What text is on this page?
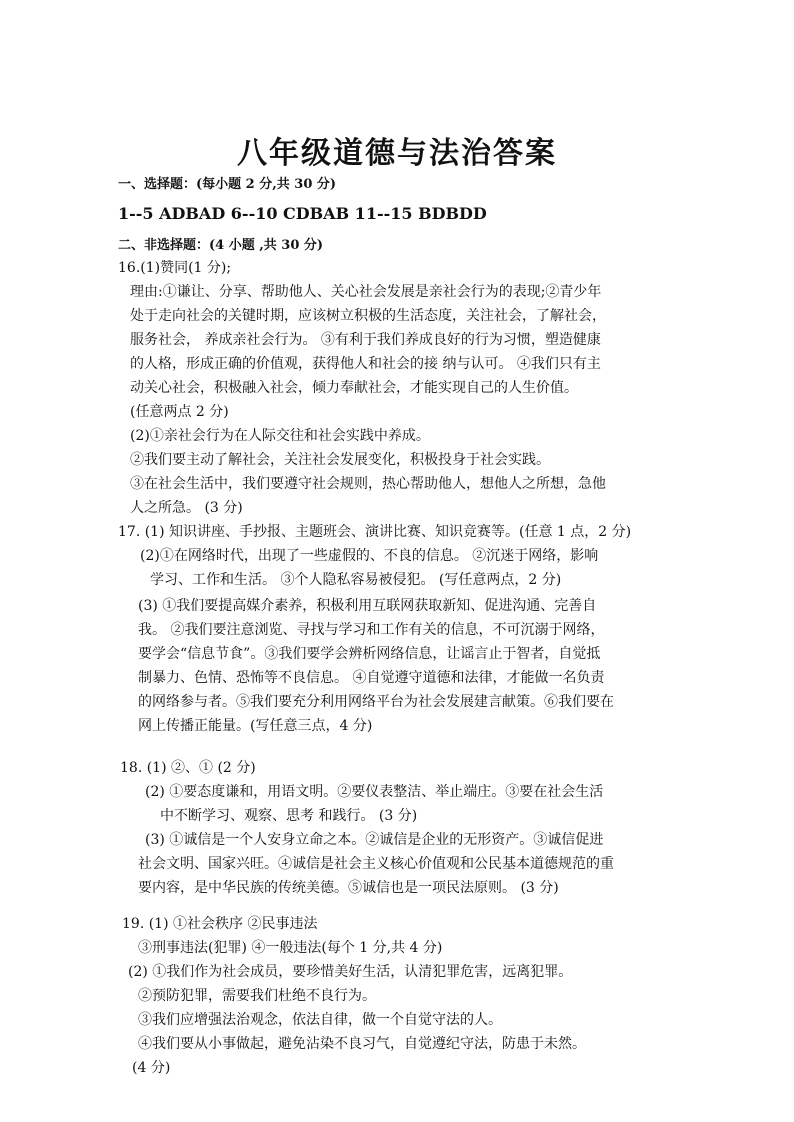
八年级道德与法治答案
一、选择题：(每小题 2 分,共 30 分)
1--5 ADBAD 6--10 CDBAB 11--15 BDBDD
二、非选择题：(4 小题 ,共 30 分)
16.(1)赞同(1 分);
理由:①谦让、分享、帮助他人、关心社会发展是亲社会行为的表现;②青少年
处于走向社会的关键时期，应该树立积极的生活态度，关注社会，了解社会，
服务社会， 养成亲社会行为。 ③有利于我们养成良好的行为习惯，塑造健康
的人格，形成正确的价值观，获得他人和社会的接 纳与认可。 ④我们只有主
动关心社会，积极融入社会，倾力奉献社会，才能实现自己的人生价值。
(任意两点 2 分)
(2)①亲社会行为在人际交往和社会实践中养成。
②我们要主动了解社会，关注社会发展变化，积极投身于社会实践。
③在社会生活中，我们要遵守社会规则，热心帮助他人，想他人之所想，急他
人之所急。 (3 分)
17. (1) 知识讲座、手抄报、主题班会、演讲比赛、知识竞赛等。(任意 1 点，2 分)
(2)①在网络时代，出现了一些虚假的、不良的信息。 ②沉迷于网络，影响
学习、工作和生活。 ③个人隐私容易被侵犯。 (写任意两点，2 分)
(3) ①我们要提高媒介素养，积极利用互联网获取新知、促进沟通、完善自
我。 ②我们要注意浏览、寻找与学习和工作有关的信息，不可沉溺于网络，
要学会“信息节食”。③我们要学会辨析网络信息，让谣言止于智者，自觉抵
制暴力、色情、恐怖等不良信息。 ④自觉遵守道德和法律，才能做一名负责
的网络参与者。⑤我们要充分利用网络平台为社会发展建言献策。⑥我们要在
网上传播正能量。(写任意三点，4 分)
18. (1) ②、① (2 分)
(2) ①要态度谦和，用语文明。②要仪表整洁、举止端庄。③要在社会生活
中不断学习、观察、思考 和践行。 (3 分)
(3) ①诚信是一个人安身立命之本。②诚信是企业的无形资产。③诚信促进
社会文明、国家兴旺。④诚信是社会主义核心价值观和公民基本道德规范的重
要内容，是中华民族的传统美德。⑤诚信也是一项民法原则。 (3 分)
19. (1) ①社会秩序 ②民事违法
③刑事违法(犯罪) ④一般违法(每个 1 分,共 4 分)
(2) ①我们作为社会成员，要珍惜美好生活，认清犯罪危害，远离犯罪。
②预防犯罪，需要我们杜绝不良行为。
③我们应增强法治观念，依法自律，做一个自觉守法的人。
④我们要从小事做起，避免沾染不良习气，自觉遵纪守法，防患于未然。
(4 分)
